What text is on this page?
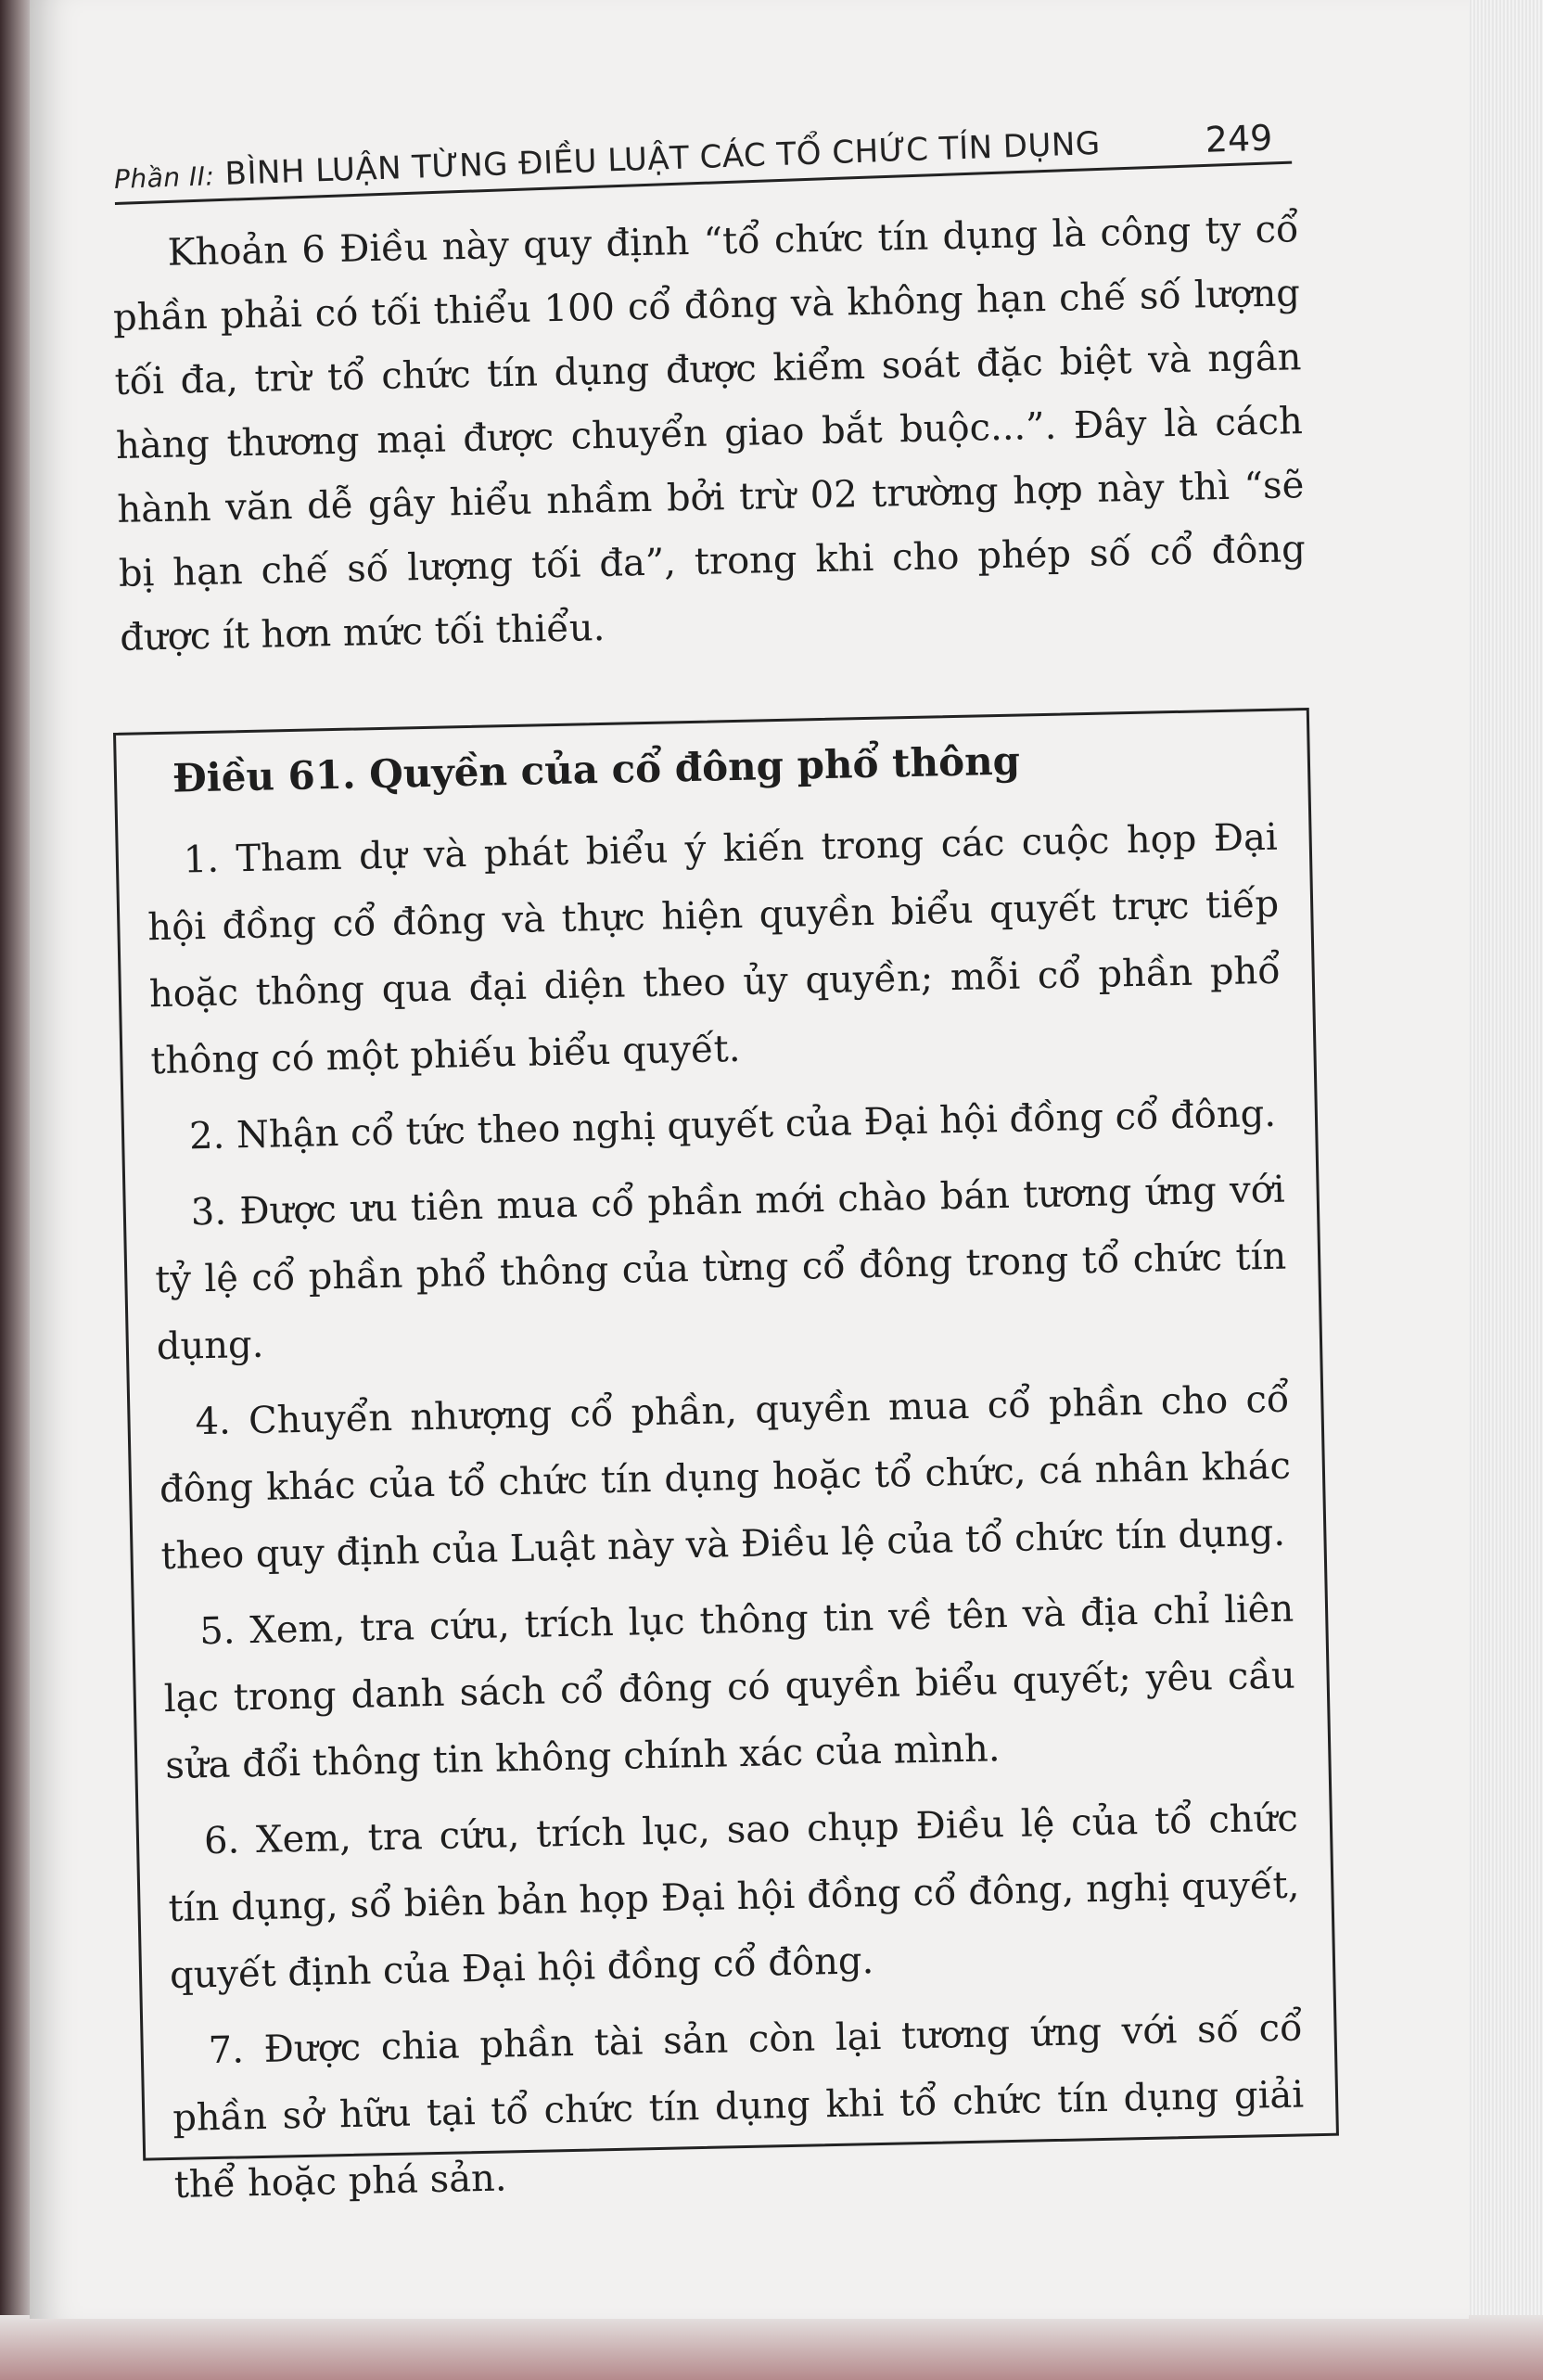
Phần II: BÌNH LUẬN TỪNG ĐIỀU LUẬT CÁC TỔ CHỨC TÍN DỤNG	249

Khoản 6 Điều này quy định “tổ chức tín dụng là công ty cổ phần phải có tối thiểu 100 cổ đông và không hạn chế số lượng tối đa, trừ tổ chức tín dụng được kiểm soát đặc biệt và ngân hàng thương mại được chuyển giao bắt buộc...”. Đây là cách hành văn dễ gây hiểu nhầm bởi trừ 02 trường hợp này thì “sẽ bị hạn chế số lượng tối đa”, trong khi cho phép số cổ đông được ít hơn mức tối thiểu.

Điều 61. Quyền của cổ đông phổ thông

1. Tham dự và phát biểu ý kiến trong các cuộc họp Đại hội đồng cổ đông và thực hiện quyền biểu quyết trực tiếp hoặc thông qua đại diện theo ủy quyền; mỗi cổ phần phổ thông có một phiếu biểu quyết.

2. Nhận cổ tức theo nghị quyết của Đại hội đồng cổ đông.

3. Được ưu tiên mua cổ phần mới chào bán tương ứng với tỷ lệ cổ phần phổ thông của từng cổ đông trong tổ chức tín dụng.

4. Chuyển nhượng cổ phần, quyền mua cổ phần cho cổ đông khác của tổ chức tín dụng hoặc tổ chức, cá nhân khác theo quy định của Luật này và Điều lệ của tổ chức tín dụng.

5. Xem, tra cứu, trích lục thông tin về tên và địa chỉ liên lạc trong danh sách cổ đông có quyền biểu quyết; yêu cầu sửa đổi thông tin không chính xác của mình.

6. Xem, tra cứu, trích lục, sao chụp Điều lệ của tổ chức tín dụng, sổ biên bản họp Đại hội đồng cổ đông, nghị quyết, quyết định của Đại hội đồng cổ đông.

7. Được chia phần tài sản còn lại tương ứng với số cổ phần sở hữu tại tổ chức tín dụng khi tổ chức tín dụng giải thể hoặc phá sản.
